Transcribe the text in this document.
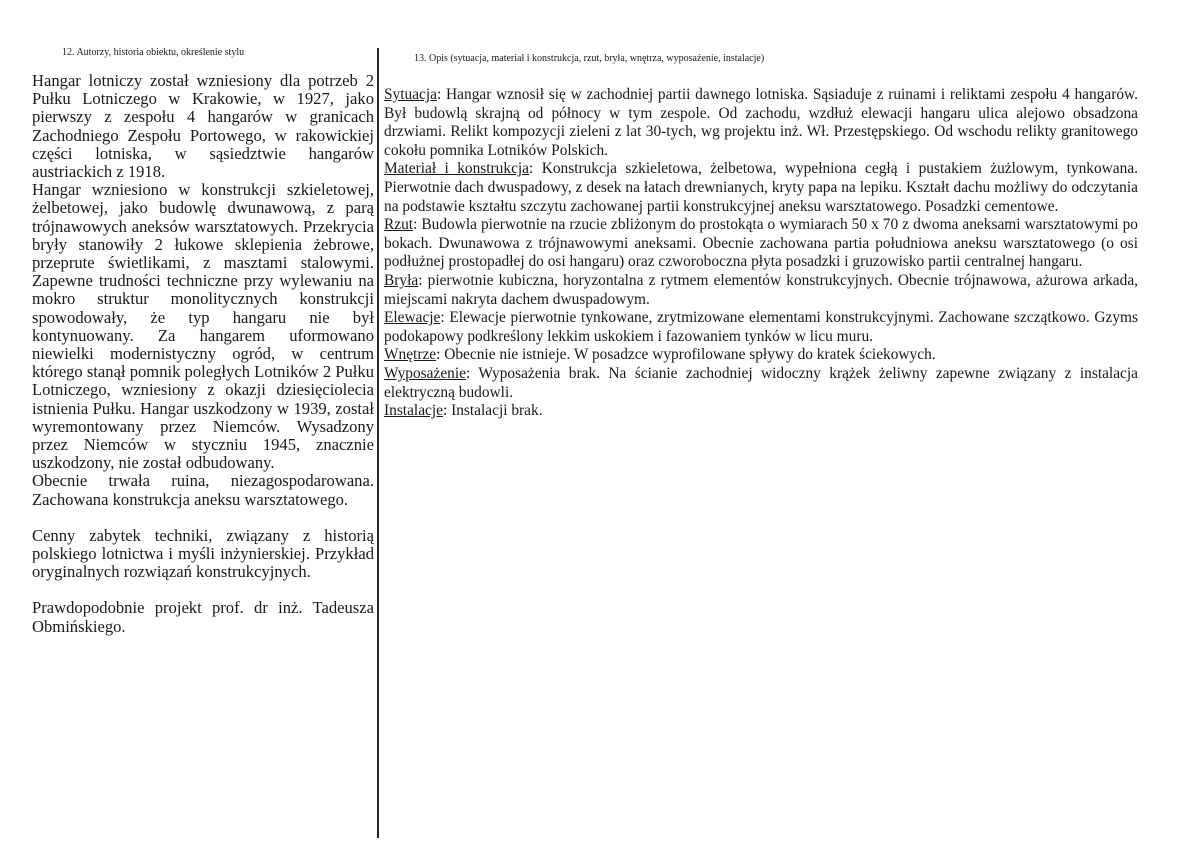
12. Autorzy, historia obiektu, określenie stylu

Hangar lotniczy został wzniesiony dla potrzeb 2 Pułku Lotniczego w Krakowie, w 1927, jako pierwszy z zespołu 4 hangarów w granicach Zachodniego Zespołu Portowego, w rakowickiej części lotniska, w sąsiedztwie hangarów austriackich z 1918.

Hangar wzniesiono w konstrukcji szkieletowej, żelbetowej, jako budowlę dwunawową, z parą trójnawowych aneksów warsztatowych. Przekrycia bryły stanowiły 2 łukowe sklepienia żebrowe, przeprute świetlikami, z masztami stalowymi. Zapewne trudności techniczne przy wylewaniu na mokro struktur monolitycznych konstrukcji spowodowały, że typ hangaru nie był kontynuowany. Za hangarem uformowano niewielki modernistyczny ogród, w centrum którego stanął pomnik poległych Lotników 2 Pułku Lotniczego, wzniesiony z okazji dziesięciolecia istnienia Pułku. Hangar uszkodzony w 1939, został wyremontowany przez Niemców. Wysadzony przez Niemców w styczniu 1945, znacznie uszkodzony, nie został odbudowany.

Obecnie trwała ruina, niezagospodarowana. Zachowana konstrukcja aneksu warsztatowego.

Cenny zabytek techniki, związany z historią polskiego lotnictwa i myśli inżynierskiej. Przykład oryginalnych rozwiązań konstrukcyjnych.

Prawdopodobnie projekt prof. dr inż. Tadeusza Obmińskiego.

13. Opis (sytuacja, materiał i konstrukcja, rzut, bryła, wnętrza, wyposażenie, instalacje)

Sytuacja: Hangar wznosił się w zachodniej partii dawnego lotniska. Sąsiaduje z ruinami i reliktami zespołu 4 hangarów. Był budowlą skrajną od północy w tym zespole. Od zachodu, wzdłuż elewacji hangaru ulica alejowo obsadzona drzwiami. Relikt kompozycji zieleni z lat 30-tych, wg projektu inż. Wł. Przestępskiego. Od wschodu relikty granitowego cokołu pomnika Lotników Polskich.

Materiał i konstrukcja: Konstrukcja szkieletowa, żelbetowa, wypełniona cegłą i pustakiem żużlowym, tynkowana. Pierwotnie dach dwuspadowy, z desek na łatach drewnianych, kryty papa na lepiku. Kształt dachu możliwy do odczytania na podstawie kształtu szczytu zachowanej partii konstrukcyjnej aneksu warsztatowego. Posadzki cementowe.

Rzut: Budowla pierwotnie na rzucie zbliżonym do prostokąta o wymiarach 50 x 70 z dwoma aneksami warsztatowymi po bokach. Dwunawowa z trójnawowymi aneksami. Obecnie zachowana partia południowa aneksu warsztatowego (o osi podłużnej prostopadłej do osi hangaru) oraz czworoboczna płyta posadzki i gruzowisko partii centralnej hangaru.

Bryła: pierwotnie kubiczna, horyzontalna z rytmem elementów konstrukcyjnych. Obecnie trójnawowa, ażurowa arkada, miejscami nakryta dachem dwuspadowym.

Elewacje: Elewacje pierwotnie tynkowane, zrytmizowane elementami konstrukcyjnymi. Zachowane szczątkowo. Gzyms podokapowy podkreślony lekkim uskokiem i fazowaniem tynków w licu muru.

Wnętrze: Obecnie nie istnieje. W posadzce wyprofilowane spływy do kratek ściekowych.

Wyposażenie: Wyposażenia brak. Na ścianie zachodniej widoczny krążek żeliwny zapewne związany z instalacja elektryczną budowli.

Instalacje: Instalacji brak.
